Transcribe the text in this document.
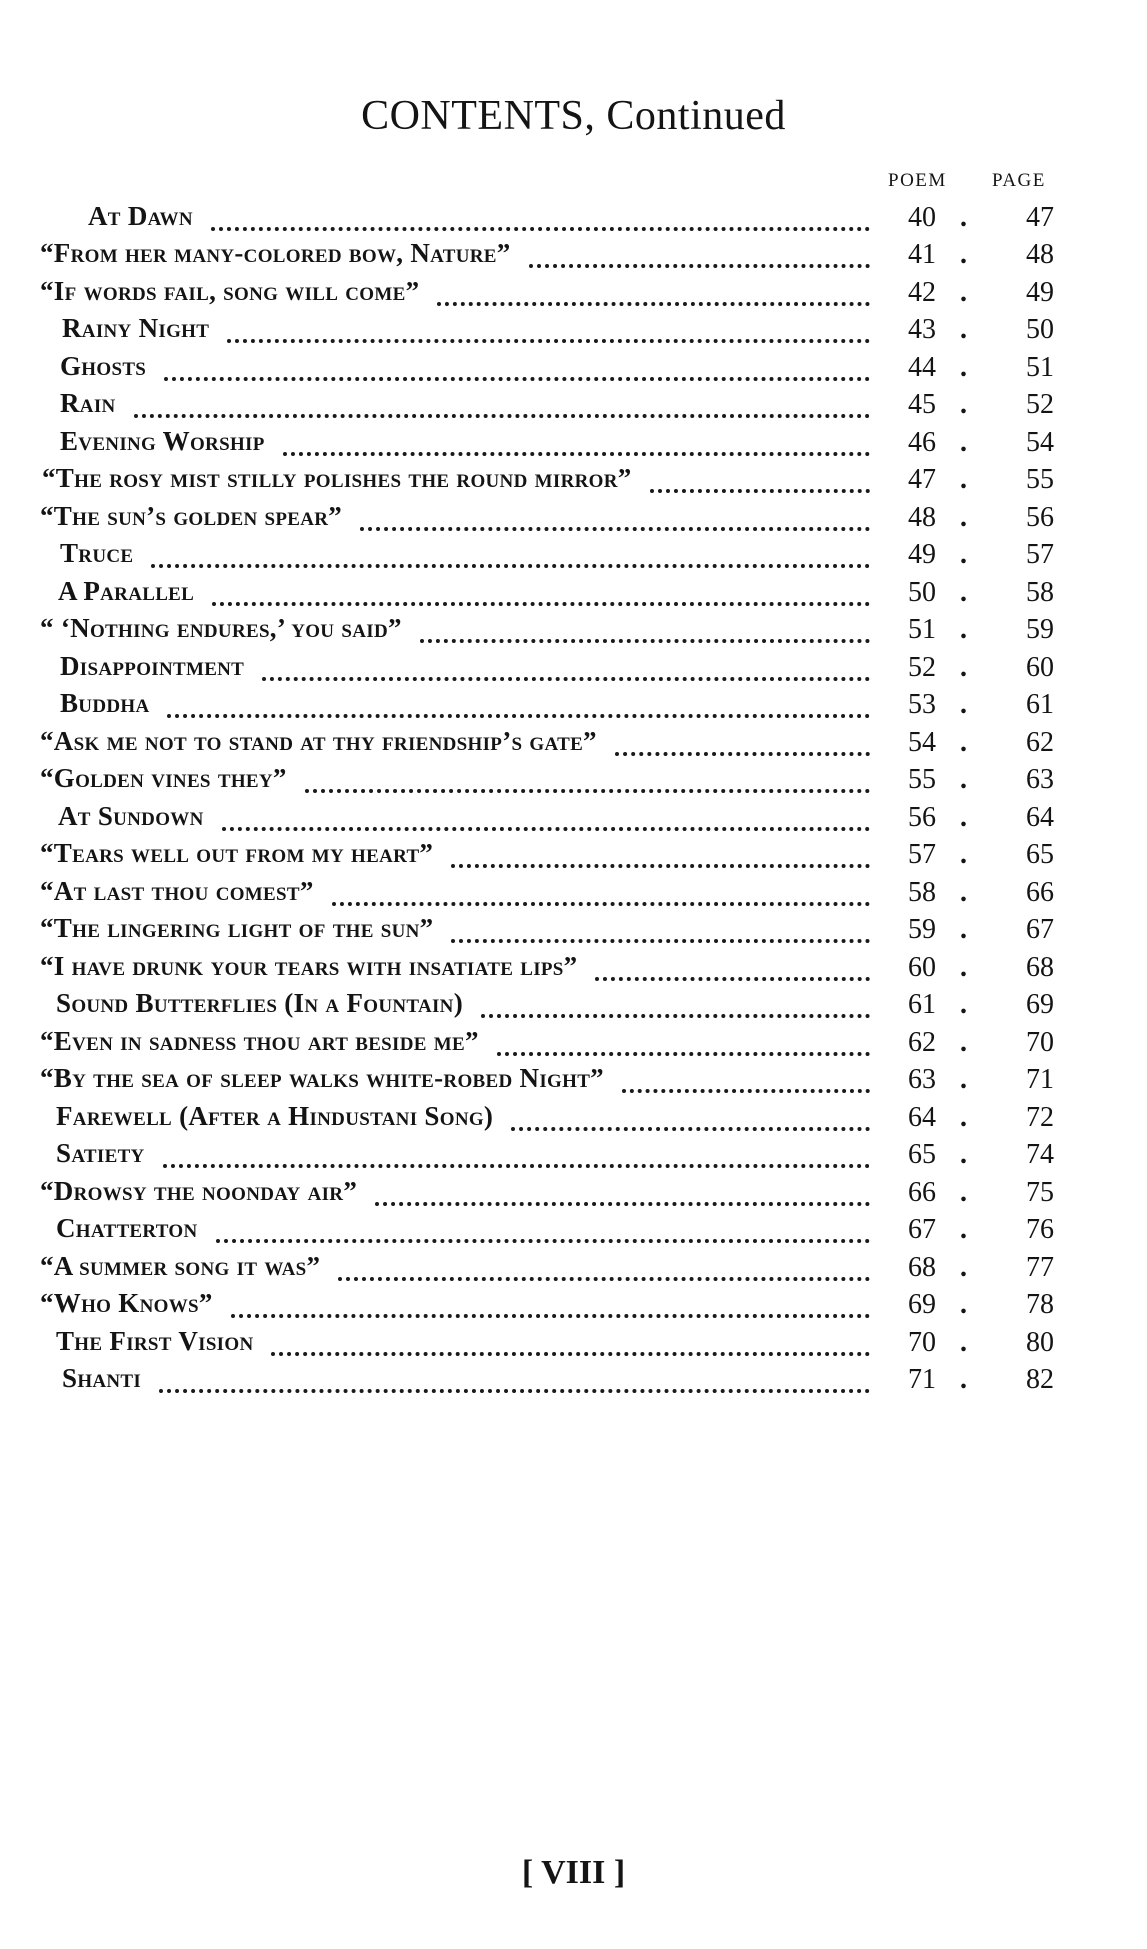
CONTENTS, Continued
POEM PAGE
At Dawn	40 .	47
“From her many-colored bow, Nature”	41 .	48
“If words fail, song will come”	42 .	49
Rainy Night	43 .	50
Ghosts	44 .	51
Rain	45 .	52
Evening Worship	46 .	54
“The rosy mist stilly polishes the round mirror”	47 .	55
“The sun’s golden spear”	48 .	56
Truce	49 .	57
A Parallel	50 .	58
“ ‘Nothing endures,’ you said”	51 .	59
Disappointment	52 .	60
Buddha	53 .	61
“Ask me not to stand at thy friendship’s gate”	54 .	62
“Golden vines they”	55 .	63
At Sundown	56 .	64
“Tears well out from my heart”	57 .	65
“At last thou comest”	58 .	66
“The lingering light of the sun”	59 .	67
“I have drunk your tears with insatiate lips”	60 .	68
Sound Butterflies (In a Fountain)	61 .	69
“Even in sadness thou art beside me”	62 .	70
“By the sea of sleep walks white-robed Night”	63 .	71
Farewell (After a Hindustani Song)	64 .	72
Satiety	65 .	74
“Drowsy the noonday air”	66 .	75
Chatterton	67 .	76
“A summer song it was”	68 .	77
“Who Knows”	69 .	78
The First Vision	70 .	80
Shanti	71 .	82
[ VIII ]
